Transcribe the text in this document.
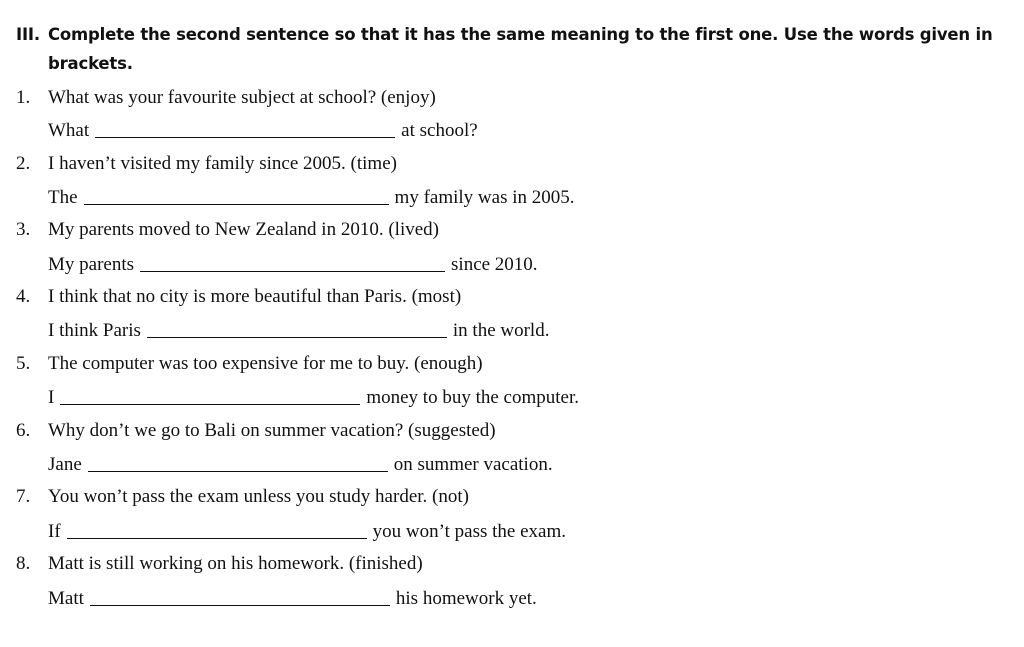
III. Complete the second sentence so that it has the same meaning to the first one. Use the words given in
brackets.
1. What was your favourite subject at school? (enjoy)
What	at school?
2. I haven’t visited my family since 2005. (time)
The	my family was in 2005.
3. My parents moved to New Zealand in 2010. (lived)
My parents	since 2010.
4. I think that no city is more beautiful than Paris. (most)
I think Paris	in the world.
5. The computer was too expensive for me to buy. (enough)
I	money to buy the computer.
6. Why don’t we go to Bali on summer vacation? (suggested)
Jane	on summer vacation.
7. You won’t pass the exam unless you study harder. (not)
If	you won’t pass the exam.
8. Matt is still working on his homework. (finished)
Matt	his homework yet.
